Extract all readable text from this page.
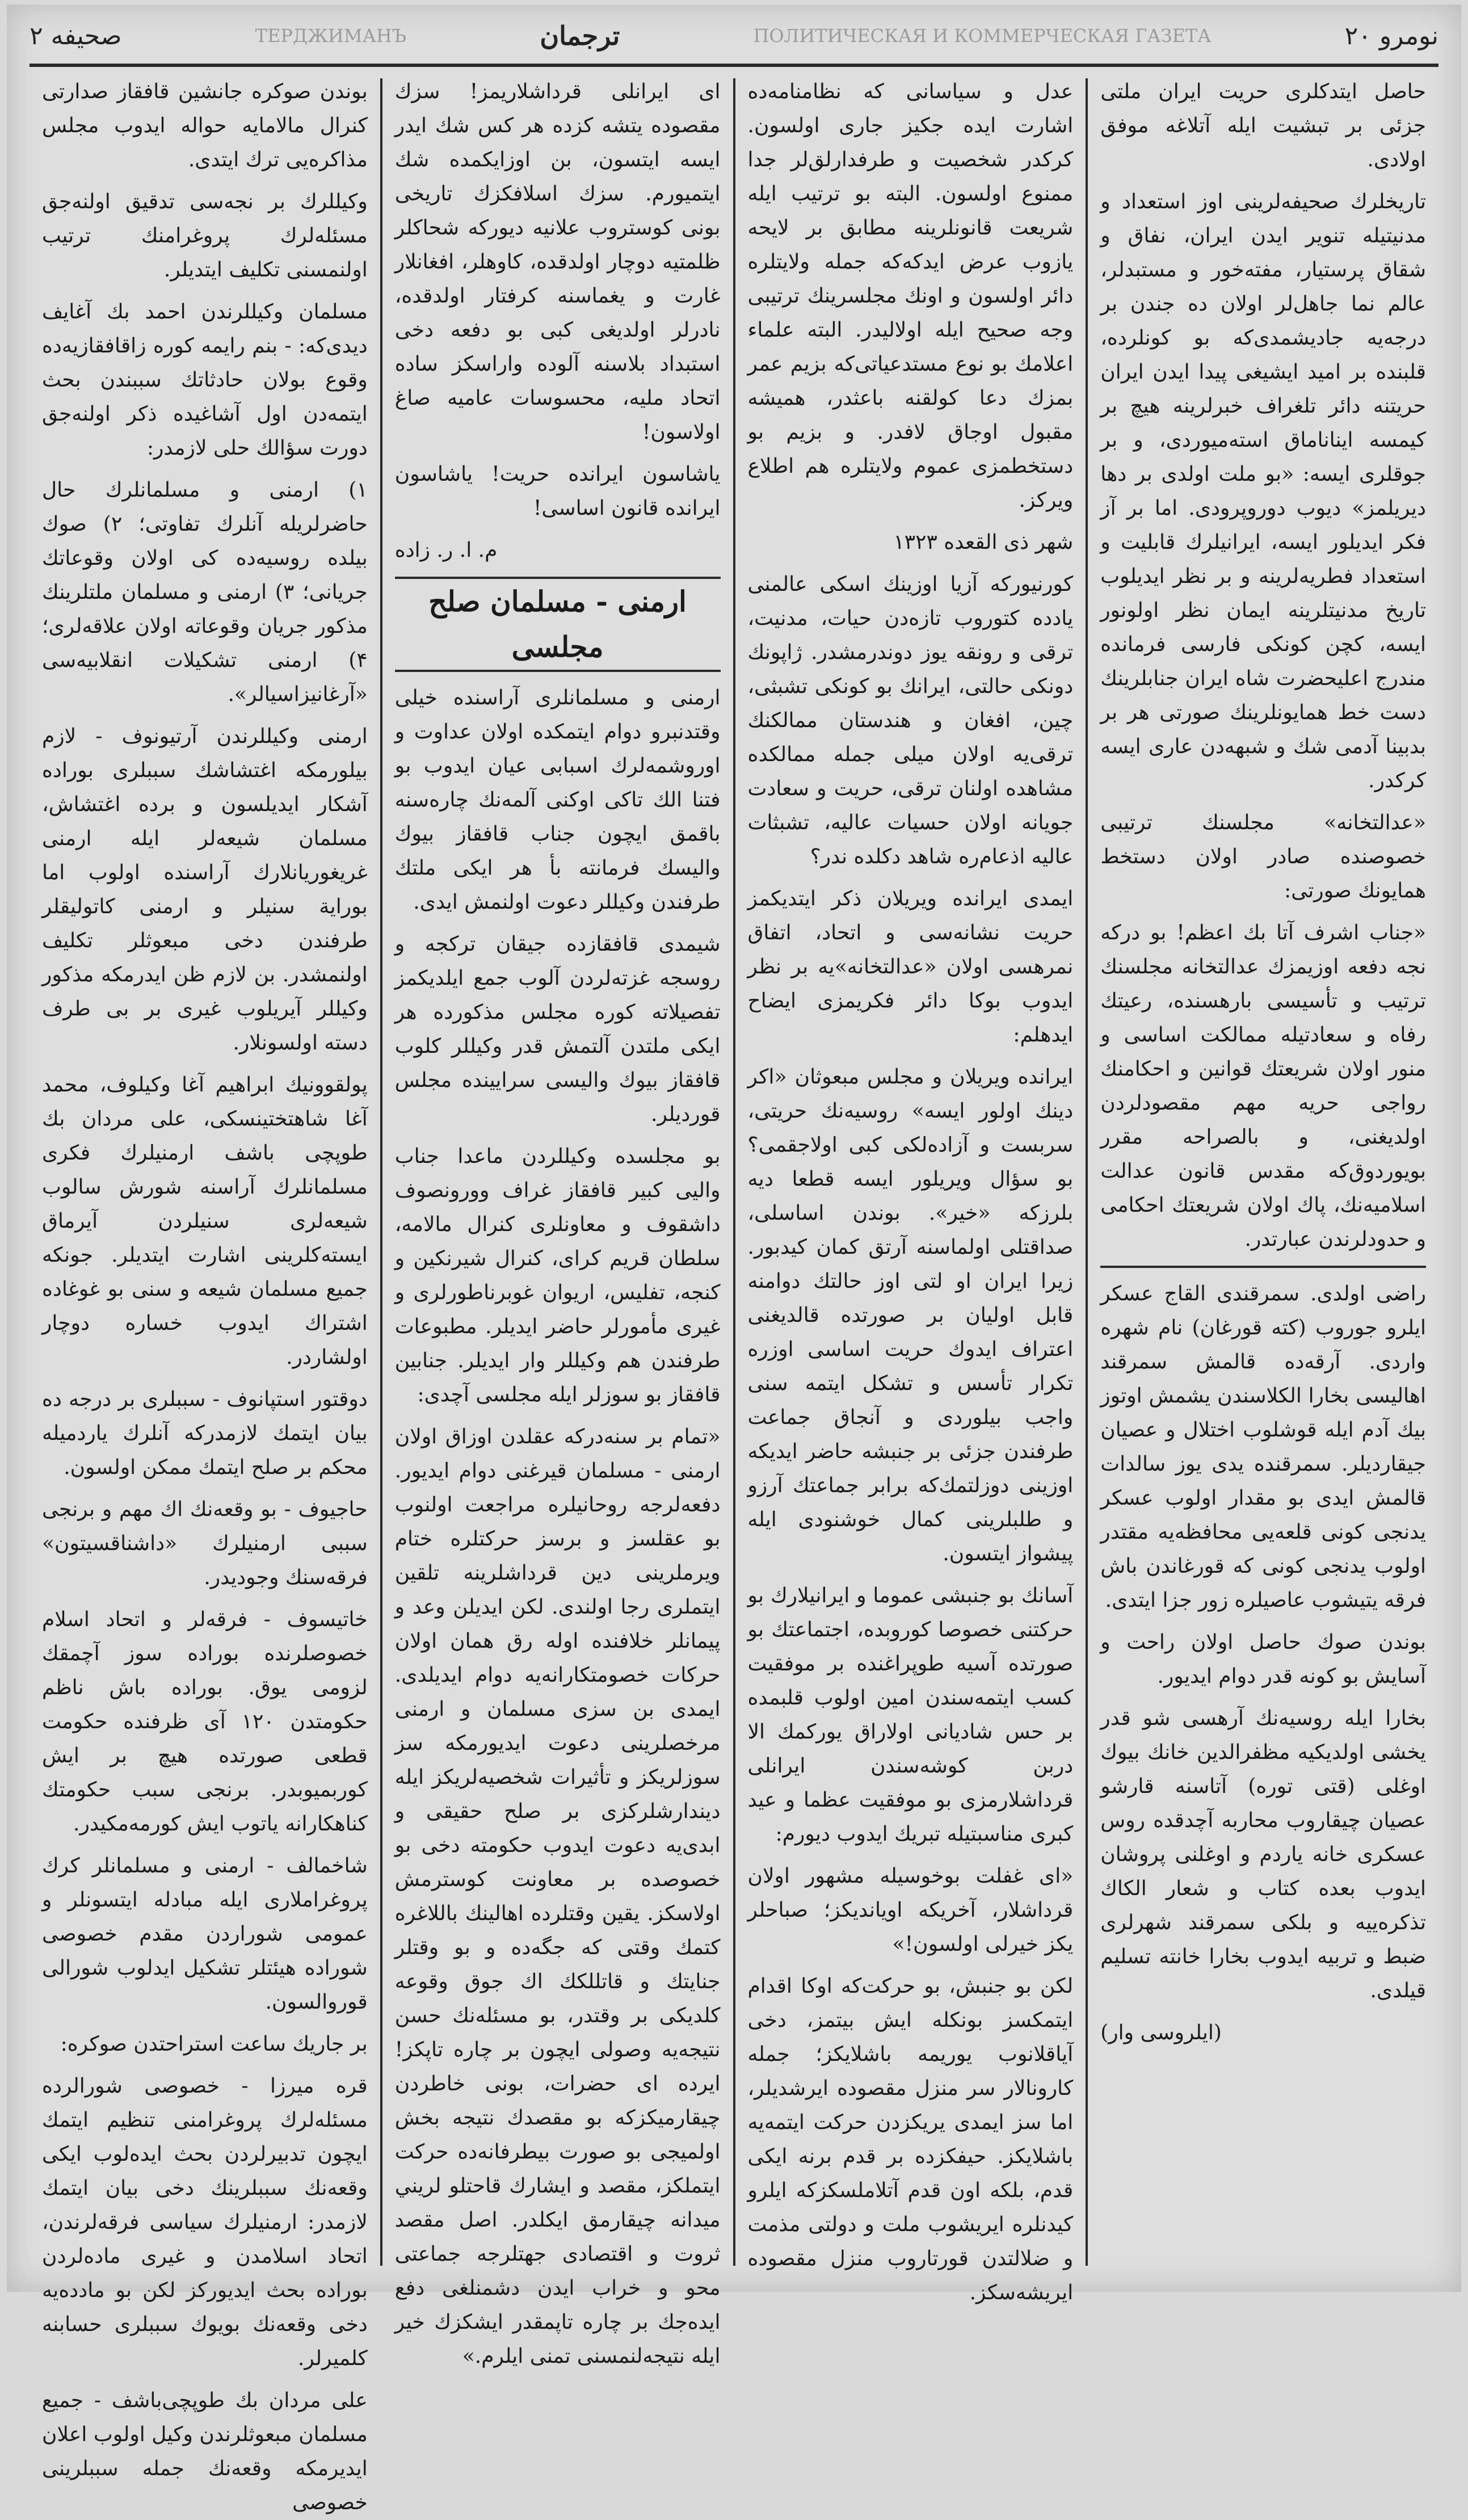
نومرو ۲۰
ПОЛИТИЧЕСКАЯ И КОММЕРЧЕСКАЯ ГАЗЕТА
ترجمان
ТЕРДЖИМАНЪ
صحيفه ۲

حاصل ايتدكلرى حريت ايران ملتى جزئى بر تبشيت ايله آتلاغه موفق اولادى.

تاريخلرك صحيفه‌لرينى اوز استعداد و مدنيتيله تنوير ايدن ايران، نفاق و شقاق پرستيار، مفته‌خور و مستبدلر، عالم نما جاهل‌لر اولان ده جندن بر درجه‌يه جاديشمدى‌كه بو كونلرده، قلبنده بر اميد ايشيغى پيدا ايدن ايران حريتنه دائر تلغراف خبرلرينه هيچ بر كيمسه ايناناماق استه‌ميوردى، و بر جوقلرى ايسه: «بو ملت اولدى بر دها ديريلمز» ديوب دوروپرودى. اما بر آز فكر ايديلور ايسه، ايرانيلرك قابليت و استعداد فطريه‌لرينه و بر نظر ايديلوب تاريخ مدنيتلرينه ايمان نظر اولونور ايسه، كچن كونكى فارسى فرمانده مندرج اعليحضرت شاه ايران جنابلرينك دست خط همايونلرينك صورتى هر بر بدبينا آدمى شك و شبهه‌دن عارى ايسه كركدر.

«عدالتخانه» مجلسنك ترتيبى خصوصنده صادر اولان دستخط همايونك صورتى:

«جناب اشرف آتا بك اعظم! بو دركه نجه دفعه اوزيمزك عدالتخانه مجلسنك ترتيب و تأسيسى بارهسنده، رعيتك رفاه و سعادتيله ممالكت اساسى و منور اولان شريعتك قوانين و احكامنك رواجى حريه مهم مقصودلردن اولديغنى، و بالصراحه مقرر بويوردوق‌كه مقدس قانون عدالت اسلاميه‌نك، پاك اولان شريعتك احكامى و حدودلرندن عبارتدر.

راضى اولدى. سمرقندى القاج عسكر ايلرو جوروب (كته قورغان) نام شهره واردى. آرقه‌ده قالمش سمرقند اهاليسى بخارا الكلاسندن يشمش اوتوز بيك آدم ايله قوشلوب اختلال و عصيان جيقارديلر. سمرقنده يدى يوز سالدات قالمش ايدى بو مقدار اولوب عسكر يدنجى كونى قلعه‌يى محافظه‌يه مقتدر اولوب يدنجى كونى كه قورغاندن باش فرقه يتيشوب عاصيلره زور جزا ايتدى.

بوندن صوك حاصل اولان راحت و آسايش بو كونه قدر دوام ايديور.

بخارا ايله روسيه‌نك آرهسى شو قدر يخشى اولديكيه مظفرالدين خانك بيوك اوغلى (قتى توره) آتاسنه قارشو عصيان چيقاروب محاربه آچدقده روس عسكرى خانه ياردم و اوغلنى پروشان ايدوب بعده كتاب و شعار الكاك تذكره‌ييه و بلكى سمرقند شهرلرى ضبط و تربيه ايدوب بخارا خانته تسليم قيلدى.

(ايلروسى وار)

عدل و سياسانى كه نظامنامه‌ده اشارت ايده جكيز جارى اولسون. كركدر شخصيت و طرفدارلق‌لر جدا ممنوع اولسون. البته بو ترتيب ايله شريعت قانونلرينه مطابق بر لايحه يازوب عرض ايدكه‌كه جمله ولايتلره دائر اولسون و اونك مجلسرينك ترتيبى وجه صحيح ايله اولاليدر. البته علماء اعلامك بو نوع مستدعياتى‌كه بزيم عمر بمزك دعا كولقنه باعثدر، هميشه مقبول اوجاق لافدر. و بزيم بو دستخطمزى عموم ولايتلره هم اطلاع ويركز.

شهر ذى القعده ۱۳۲۳

كورنيوركه آزيا اوزينك اسكى عالمنى يادده كتوروب تازه‌دن حيات، مدنيت، ترقى و رونقه يوز دوندرمشدر. ژاپونك دونكى حالتى، ايرانك بو كونكى تشبثى، چين، افغان و هندستان ممالكنك ترقى‌يه اولان ميلى جمله ممالكده مشاهده اولنان ترقى، حريت و سعادت جويانه اولان حسيات عاليه، تشبثات عاليه اذعام‌ره شاهد دكلده ندر؟

ايمدى ايرانده ويريلان ذكر ايتديكمز حريت نشانه‌سى و اتحاد، اتفاق نمرهسى اولان «عدالتخانه»يه بر نظر ايدوب بوكا دائر فكريمزى ايضاح ايدهلم:

ايرانده ويريلان و مجلس مبعوثان «اكر دينك اولور ايسه» روسيه‌نك حريتى، سربست و آزاده‌لكى كبى اولاجقمى؟ بو سؤال ويريلور ايسه قطعا ديه بلرزكه «خير». بوندن اساسلى، صداقتلى اولماسنه آرتق كمان كيدبور. زيرا ايران او لتى اوز حالتك دوامنه قابل اوليان بر صورتده قالديغنى اعتراف ايدوك حريت اساسى اوزره تكرار تأسس و تشكل ايتمه سنى واجب بيلوردى و آنجاق جماعت طرفندن جزئى بر جنبشه حاضر ايديكه اوزينى دوزلتمك‌كه برابر جماعتك آرزو و طلبلرينى كمال خوشنودى ايله پيشواز ايتسون.

آسانك بو جنبشى عموما و ايرانيلارك بو حركتنى خصوصا كوروبده، اجتماعتك بو صورتده آسيه طوپراغنده بر موفقيت كسب ايتمه‌سندن امين اولوب قلبمده بر حس شاديانى اولاراق يوركمك الا دربن كوشه‌سندن ايرانلى قرداشلارمزى بو موفقيت عظما و عيد كبرى مناسبتيله تبريك ايدوب ديورم:

«اى غفلت بوخوسيله مشهور اولان قرداشلار، آخريكه اويانديكز؛ صباحلر يكز خيرلى اولسون!»

لكن بو جنبش، بو حركت‌كه اوكا اقدام ايتمكسز بونكله ايش بيتمز، دخى آياقلانوب يوريمه باشلايكز؛ جمله كارونالار سر منزل مقصوده ايرشديلر، اما سز ايمدى يريكزدن حركت ايتمه‌يه باشلايكز. حيفكزده بر قدم برنه ايكى قدم، بلكه اون قدم آتلاملسكزكه ايلرو كيدنلره ايريشوب ملت و دولتى مذمت و ضلالتدن قورتاروب منزل مقصوده ايريشه‌سكز.

اى ايرانلى قرداشلاريمز! سزك مقصوده يتشه كزده هر كس شك ايدر ايسه ايتسون، بن اوزايكمده شك ايتميورم. سزك اسلافكزك تاريخى بونى كوستروب علانيه ديوركه شحاكلر ظلمتيه دوچار اولدقده، كاوهلر، افغانلار غارت و يغماسنه كرفتار اولدقده، نادرلر اولديغى كبى بو دفعه دخى استبداد بلاسنه آلوده واراسكز ساده اتحاد مليه، محسوسات عاميه صاغ اولاسون!

ياشاسون ايرانده حريت! ياشاسون ايرانده قانون اساسى!

م. ا. ر. زاده
ارمنى - مسلمان صلح مجلسى

ارمنى و مسلمانلرى آراسنده خيلى وقتدنبرو دوام ايتمكده اولان عداوت و اوروشمه‌لرك اسبابى عيان ايدوب بو فتنا الك تاكى اوكنى آلمه‌نك چاره‌سنه باقمق ايچون جناب قافقاز بيوك واليسك فرمانته بأ هر ايكى ملتك طرفندن وكيللر دعوت اولنمش ايدى.

شيمدى قافقازده جيقان تركجه و روسجه غزته‌لردن آلوب جمع ايلديكمز تفصيلاته كوره مجلس مذكورده هر ايكى ملتدن آلتمش قدر وكيللر كلوب قافقاز بيوك واليسى سرايينده مجلس قورديلر.

بو مجلسده وكيللردن ماعدا جناب واليى كبير قافقاز غراف وورونصوف داشقوف و معاونلرى كنرال مالامه، سلطان قريم كراى، كنرال شيرنكين و كنجه، تفليس، اريوان غوبرناطورلرى و غيرى مأمورلر حاضر ايديلر. مطبوعات طرفندن هم وكيللر وار ايديلر. جنابين قافقاز بو سوزلر ايله مجلسى آچدى:

«تمام بر سنه‌دركه عقلدن اوزاق اولان ارمنى - مسلمان قيرغنى دوام ايديور. دفعه‌لرجه روحانيلره مراجعت اولنوب بو عقلسز و برسز حركتلره ختام ويرملرينى دين قرداشلرينه تلقين ايتملرى رجا اولندى. لكن ايديلن وعد و پيمانلر خلافنده اوله رق همان اولان حركات خصومتكارانه‌يه دوام ايديلدى. ايمدى بن سزى مسلمان و ارمنى مرخصلرينى دعوت ايديورمكه سز سوزلريكز و تأثيرات شخصيه‌لريكز ايله ديندارشلركزى بر صلح حقيقى و ابدى‌يه دعوت ايدوب حكومته دخى بو خصوصده بر معاونت كوسترمش اولاسكز. يقين وقتلرده اهالينك باللاغره كتمك وقتى كه جگه‌ده و بو وقتلر جنايتك و قاتللكك اك جوق وقوعه كلديكى بر وقتدر، بو مسئله‌نك حسن نتيجه‌يه وصولى ايچون بر چاره تاپكز! ايرده اى حضرات، بونى خاطردن چيقارميكزكه بو مقصدك نتيجه بخش اولميجى بو صورت بيطرفانه‌ده حركت ايتملكز، مقصد و ايشارك قاحتلو لريني ميدانه چيقارمق ايكلدر. اصل مقصد ثروت و اقتصادى جهتلرجه جماعتى محو و خراب ايدن دشمنلغى دفع ايده‌جك بر چاره تاپمقدر ايشكزك خير ايله نتيجه‌لنمسنى تمنى ايلرم.»

بوندن صوكره جانشين قافقاز صدارتى كنرال مالامايه حواله ايدوب مجلس مذاكره‌يى ترك ايتدى.

وكيللرك بر نجه‌سى تدقيق اولنه‌جق مسئله‌لرك پروغرامنك ترتيب اولنمسنى تكليف ايتديلر.

مسلمان وكيللرندن احمد بك آغايف ديدى‌كه: - بنم رايمه كوره زاقافقازيه‌ده وقوع بولان حادثاتك سببندن بحث ايتمه‌دن اول آشاغيده ذكر اولنه‌جق دورت سؤالك حلى لازمدر:

۱) ارمنى و مسلمانلرك حال حاضرلريله آنلرك تفاوتى؛ ۲) صوك بيلده روسيه‌ده كى اولان وقوعاتك جريانى؛ ۳) ارمنى و مسلمان ملتلرينك مذكور جريان وقوعاته اولان علاقه‌لرى؛ ۴) ارمنى تشكيلات انقلابيه‌سى «آرغانيزاسيالر».

ارمنى وكيللرندن آرتيونوف - لازم بيلورمكه اغتشاشك سببلرى بوراده آشكار ايديلسون و برده اغتشاش، مسلمان شيعه‌لر ايله ارمنى غريغوريانلارك آراسنده اولوب اما بوراية سنيلر و ارمنى كاتوليقلر طرفندن دخى مبعوثلر تكليف اولنمشدر. بن لازم ظن ايدرمكه مذكور وكيللر آيريلوب غيرى بر بى طرف دسته اولسونلار.

پولقوونيك ابراهيم آغا وكيلوف، محمد آغا شاهتختينسكى، على مردان بك طوپچى باشف ارمنيلرك فكرى مسلمانلرك آراسنه شورش سالوب شيعه‌لرى سنيلردن آيرماق ايسته‌كلرينى اشارت ايتديلر. جونكه جميع مسلمان شيعه و سنى بو غوغاده اشتراك ايدوب خساره دوچار اولشاردر.

دوقتور استپانوف - سببلرى بر درجه ده بيان ايتمك لازمدركه آنلرك ياردميله محكم بر صلح ايتمك ممكن اولسون.

حاجيوف - بو وقعه‌نك اك مهم و برنجى سببى ارمنيلرك «داشناقسيتون» فرقه‌سنك وجوديدر.

خاتيسوف - فرقه‌لر و اتحاد اسلام خصوصلرنده بوراده سوز آچمقك لزومى يوق. بوراده باش ناظم حكومتدن ۱۲۰ آى ظرفنده حكومت قطعى صورتده هيچ بر ايش كوربميوبدر. برنجى سبب حكومتك كناهكارانه ياتوب ايش كورمه‌مكيدر.

شاخمالف - ارمنى و مسلمانلر كرك پروغراملارى ايله مبادله ايتسونلر و عمومى شوراردن مقدم خصوصى شوراده هيئتلر تشكيل ايدلوب شورالى قوروالسون.

بر جاريك ساعت استراحتدن صوكره:

قره ميرزا - خصوصى شورالرده مسئله‌لرك پروغرامنى تنظيم ايتمك ايچون تدبيرلردن بحث ايده‌لوب ايكى وقعه‌نك سببلرينك دخى بيان ايتمك لازمدر: ارمنيلرك سياسى فرقه‌لرندن، اتحاد اسلامدن و غيرى ماده‌لردن بوراده بحث ايديوركز لكن بو مادده‌يه دخى وقعه‌نك بويوك سببلرى حسابنه كلميرلر.

على مردان بك طوپچى‌باشف - جميع مسلمان مبعوثلرندن وكيل اولوب اعلان ايديرمكه وقعه‌نك جمله سببلرينى خصوصى
